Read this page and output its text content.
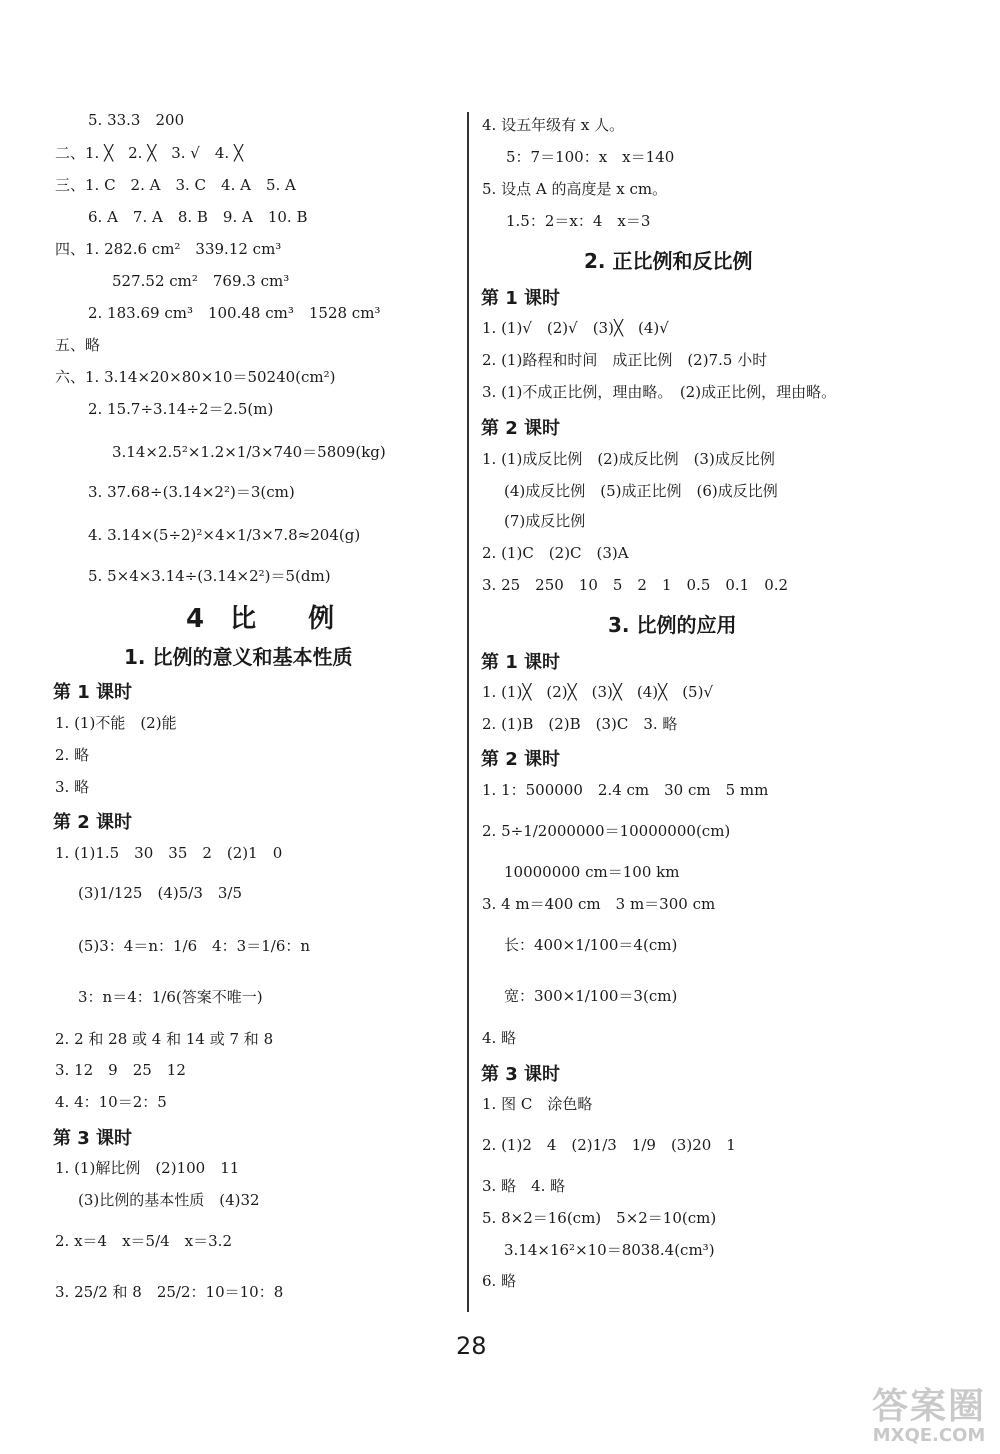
4　比　　例
1. 比例的意义和基本性质
第 1 课时
第 2 课时
第 3 课时
5. 33.3　200
二、1. ╳　2. ╳　3. √　4. ╳
三、1. C　2. A　3. C　4. A　5. A
6. A　7. A　8. B　9. A　10. B
四、1. 282.6 cm²　339.12 cm³
527.52 cm²　769.3 cm³
2. 183.69 cm³　100.48 cm³　1528 cm³
五、略
六、1. 3.14×20×80×10＝50240(cm²)
2. 15.7÷3.14÷2＝2.5(m)
3.14×2.5²×1.2×1/3×740＝5809(kg)
3. 37.68÷(3.14×2²)＝3(cm)
4. 3.14×(5÷2)²×4×1/3×7.8≈204(g)
5. 5×4×3.14÷(3.14×2²)＝5(dm)
1. (1)不能　(2)能
2. 略
3. 略
1. (1)1.5　30　35　2　(2)1　0
(3)1/125　(4)5/3　3/5
(5)3：4＝n：1/6　4：3＝1/6：n
3：n＝4：1/6(答案不唯一)
2. 2 和 28 或 4 和 14 或 7 和 8
3. 12　9　25　12
4. 4：10＝2：5
1. (1)解比例　(2)100　11
(3)比例的基本性质　(4)32
2. x＝4　x＝5/4　x＝3.2
3. 25/2 和 8　25/2：10＝10：8
2. 正比例和反比例
第 1 课时
第 2 课时
3. 比例的应用
第 1 课时
第 2 课时
第 3 课时
4. 设五年级有 x 人。
5：7＝100：x　x＝140
5. 设点 A 的高度是 x cm。
1.5：2＝x：4　x＝3
1. (1)√　(2)√　(3)╳　(4)√
2. (1)路程和时间　成正比例　(2)7.5 小时
3. (1)不成正比例，理由略。　(2)成正比例，理由略。
1. (1)成反比例　(2)成反比例　(3)成反比例
(4)成反比例　(5)成正比例　(6)成反比例
(7)成反比例
2. (1)C　(2)C　(3)A
3. 25　250　10　5　2　1　0.5　0.1　0.2
1. (1)╳　(2)╳　(3)╳　(4)╳　(5)√
2. (1)B　(2)B　(3)C　3. 略
1. 1：500000　2.4 cm　30 cm　5 mm
2. 5÷1/2000000＝10000000(cm)
10000000 cm＝100 km
3. 4 m＝400 cm　3 m＝300 cm
长：400×1/100＝4(cm)
宽：300×1/100＝3(cm)
4. 略
1. 图 C　涂色略
2. (1)2　4　(2)1/3　1/9　(3)20　1
3. 略　4. 略
5. 8×2＝16(cm)　5×2＝10(cm)
3.14×16²×10＝8038.4(cm³)
6. 略
28
答案圈
MXQE.COM
